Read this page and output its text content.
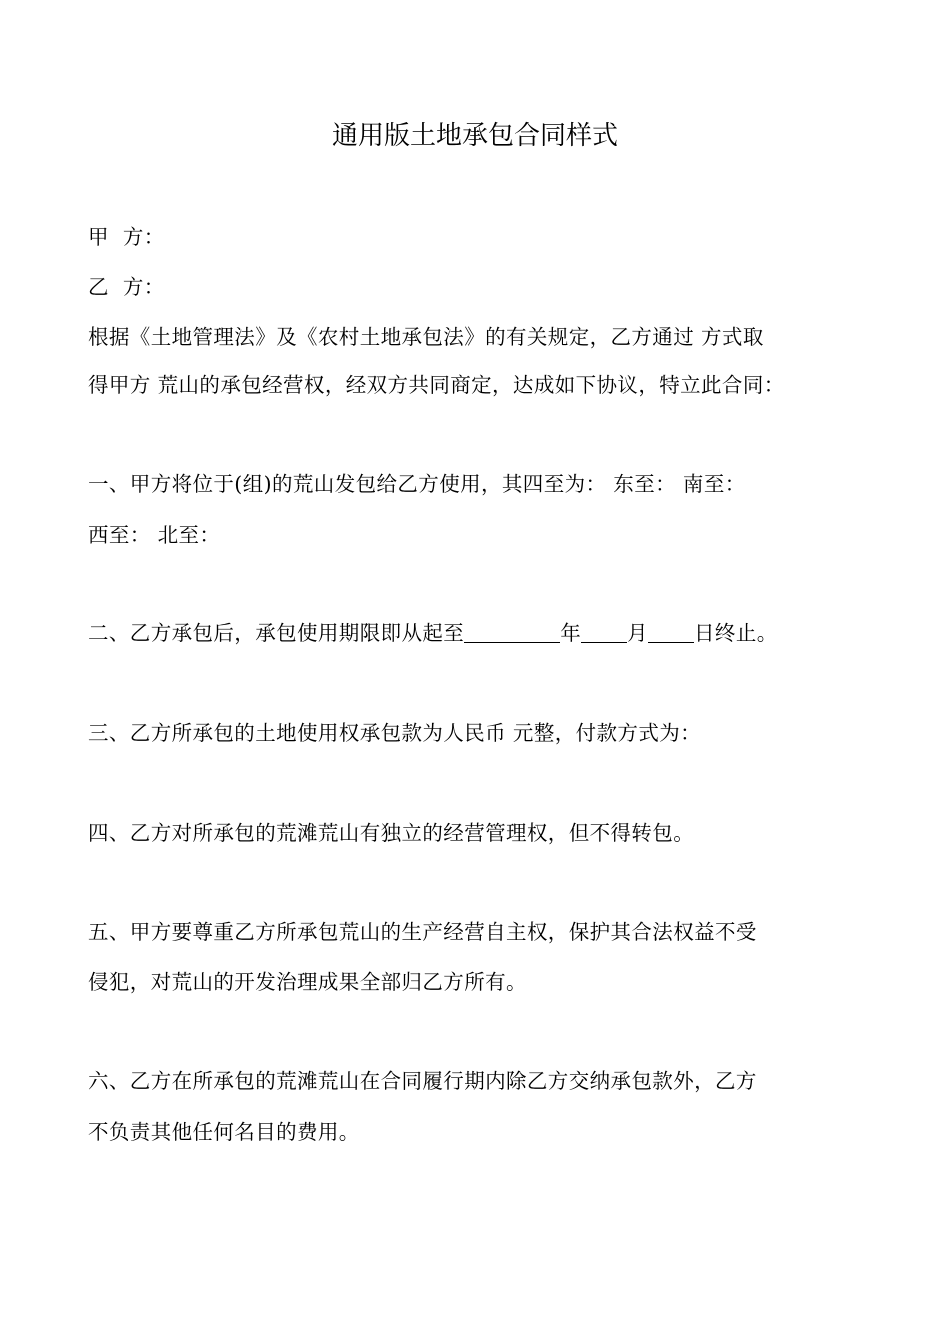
通用版土地承包合同样式
甲 方：
乙 方：
根据《土地管理法》及《农村土地承包法》的有关规定，乙方通过 方式取
得甲方 荒山的承包经营权，经双方共同商定，达成如下协议，特立此合同：
一、甲方将位于(组)的荒山发包给乙方使用，其四至为： 东至： 南至：
西至： 北至：
二、乙方承包后，承包使用期限即从起至	年 月 日终止。
三、乙方所承包的土地使用权承包款为人民币 元整，付款方式为：
四、乙方对所承包的荒滩荒山有独立的经营管理权，但不得转包。
五、甲方要尊重乙方所承包荒山的生产经营自主权，保护其合法权益不受
侵犯，对荒山的开发治理成果全部归乙方所有。
六、乙方在所承包的荒滩荒山在合同履行期内除乙方交纳承包款外，乙方
不负责其他任何名目的费用。
